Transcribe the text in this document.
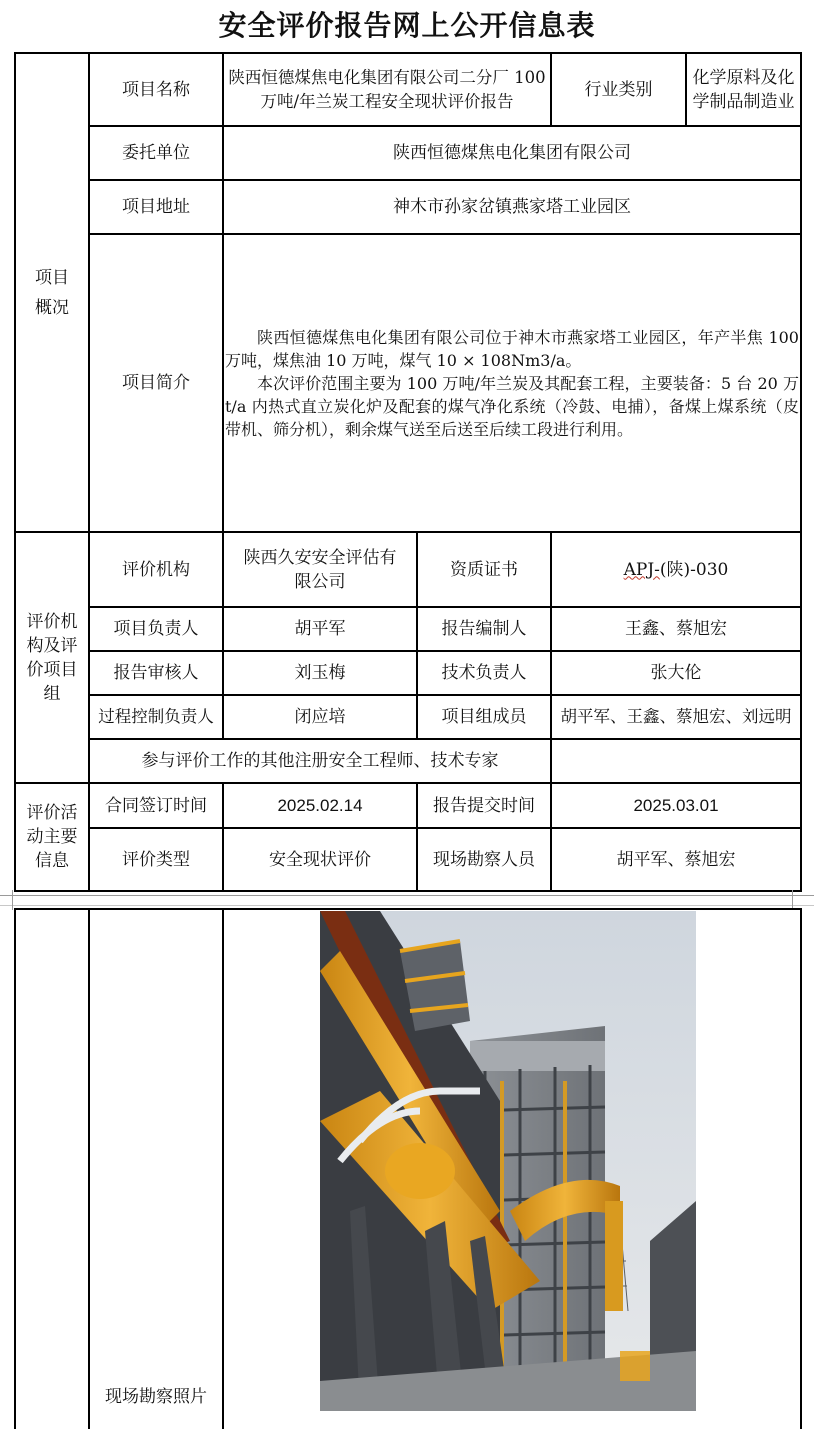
安全评价报告网上公开信息表
项目
概况	项目名称	陕西恒德煤焦电化集团有限公司二分厂 100 万吨/年兰炭工程安全现状评价报告		行业类别	化学原料及化学制品制造业
	委托单位	陕西恒德煤焦电化集团有限公司			
	项目地址	神木市孙家岔镇燕家塔工业园区			
	项目简介	陕西恒德煤焦电化集团有限公司位于神木市燕家塔工业园区，年产半焦 100 万吨，煤焦油 10 万吨，煤气 10 × 108Nm3/a。

本次评价范围主要为 100 万吨/年兰炭及其配套工程，主要装备：5 台 20 万 t/a 内热式直立炭化炉及配套的煤气净化系统（冷鼓、电捕），备煤上煤系统（皮带机、筛分机），剩余煤气送至后送至后续工段进行利用。			

评价机
构及评
价项目
组	评价机构	陕西久安安全评估有限公司	资质证书	APJ-(陕)-030	
	项目负责人	胡平军	报告编制人	王鑫、蔡旭宏	
	报告审核人	刘玉梅	技术负责人	张大伦	
	过程控制负责人	闭应培	项目组成员	胡平军、王鑫、蔡旭宏、刘远明	
	参与评价工作的其他注册安全工程师、技术专家				
评价活
动主要
信息	合同签订时间	2025.02.14	报告提交时间	2025.03.01	
	评价类型	安全现状评价	现场勘察人员	胡平军、蔡旭宏	
	现场勘察照片	
